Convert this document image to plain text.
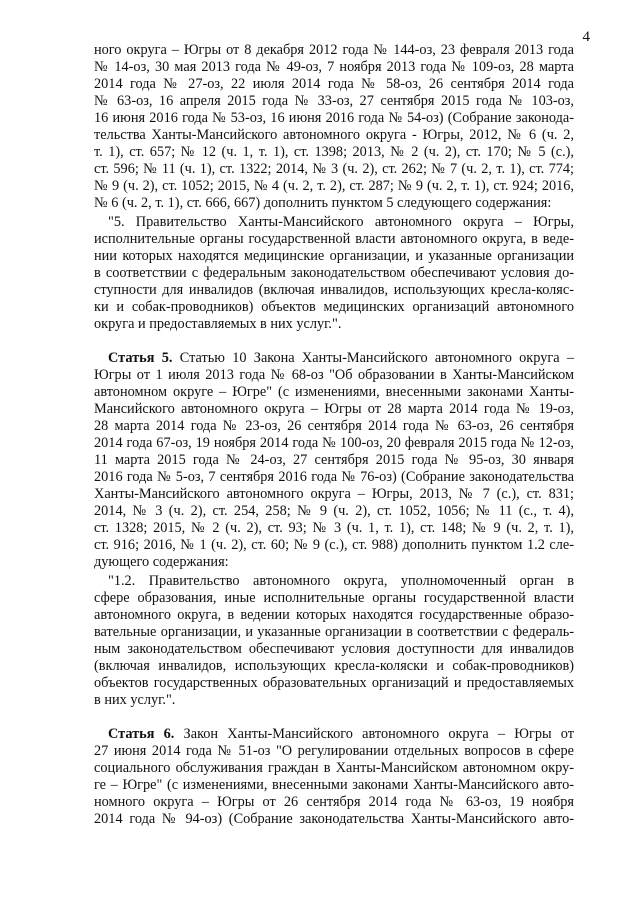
4
ного округа – Югры от 8 декабря 2012 года № 144-оз, 23 февраля 2013 года
№ 14-оз, 30 мая 2013 года № 49-оз, 7 ноября 2013 года № 109-оз, 28 марта
2014 года № 27-оз, 22 июля 2014 года № 58-оз, 26 сентября 2014 года
№ 63-оз, 16 апреля 2015 года № 33-оз, 27 сентября 2015 года № 103-оз,
16 июня 2016 года № 53-оз, 16 июня 2016 года № 54-оз) (Собрание законода-
тельства Ханты-Мансийского автономного округа - Югры, 2012, № 6 (ч. 2,
т. 1), ст. 657; № 12 (ч. 1, т. 1), ст. 1398; 2013, № 2 (ч. 2), ст. 170; № 5 (с.),
ст. 596; № 11 (ч. 1), ст. 1322; 2014, № 3 (ч. 2), ст. 262; № 7 (ч. 2, т. 1), ст. 774;
№ 9 (ч. 2), ст. 1052; 2015, № 4 (ч. 2, т. 2), ст. 287; № 9 (ч. 2, т. 1), ст. 924; 2016,
№ 6 (ч. 2, т. 1), ст. 666, 667) дополнить пунктом 5 следующего содержания:
"5. Правительство Ханты-Мансийского автономного округа – Югры,
исполнительные органы государственной власти автономного округа, в веде-
нии которых находятся медицинские организации, и указанные организации
в соответствии с федеральным законодательством обеспечивают условия до-
ступности для инвалидов (включая инвалидов, использующих кресла-коляс-
ки и собак-проводников) объектов медицинских организаций автономного
округа и предоставляемых в них услуг.".
Статья 5. Статью 10 Закона Ханты-Мансийского автономного округа –
Югры от 1 июля 2013 года № 68-оз "Об образовании в Ханты-Мансийском
автономном округе – Югре" (с изменениями, внесенными законами Ханты-
Мансийского автономного округа – Югры от 28 марта 2014 года № 19-оз,
28 марта 2014 года № 23-оз, 26 сентября 2014 года № 63-оз, 26 сентября
2014 года 67-оз, 19 ноября 2014 года № 100-оз, 20 февраля 2015 года № 12-оз,
11 марта 2015 года № 24-оз, 27 сентября 2015 года № 95-оз, 30 января
2016 года № 5-оз, 7 сентября 2016 года № 76-оз) (Собрание законодательства
Ханты-Мансийского автономного округа – Югры, 2013, № 7 (с.), ст. 831;
2014, № 3 (ч. 2), ст. 254, 258; № 9 (ч. 2), ст. 1052, 1056; № 11 (с., т. 4),
ст. 1328; 2015, № 2 (ч. 2), ст. 93; № 3 (ч. 1, т. 1), ст. 148; № 9 (ч. 2, т. 1),
ст. 916; 2016, № 1 (ч. 2), ст. 60; № 9 (с.), ст. 988) дополнить пунктом 1.2 сле-
дующего содержания:
"1.2. Правительство автономного округа, уполномоченный орган в
сфере образования, иные исполнительные органы государственной власти
автономного округа, в ведении которых находятся государственные образо-
вательные организации, и указанные организации в соответствии с федераль-
ным законодательством обеспечивают условия доступности для инвалидов
(включая инвалидов, использующих кресла-коляски и собак-проводников)
объектов государственных образовательных организаций и предоставляемых
в них услуг.".
Статья 6. Закон Ханты-Мансийского автономного округа – Югры от
27 июня 2014 года № 51-оз "О регулировании отдельных вопросов в сфере
социального обслуживания граждан в Ханты-Мансийском автономном окру-
ге – Югре" (с изменениями, внесенными законами Ханты-Мансийского авто-
номного округа – Югры от 26 сентября 2014 года № 63-оз, 19 ноября
2014 года № 94-оз) (Собрание законодательства Ханты-Мансийского авто-
